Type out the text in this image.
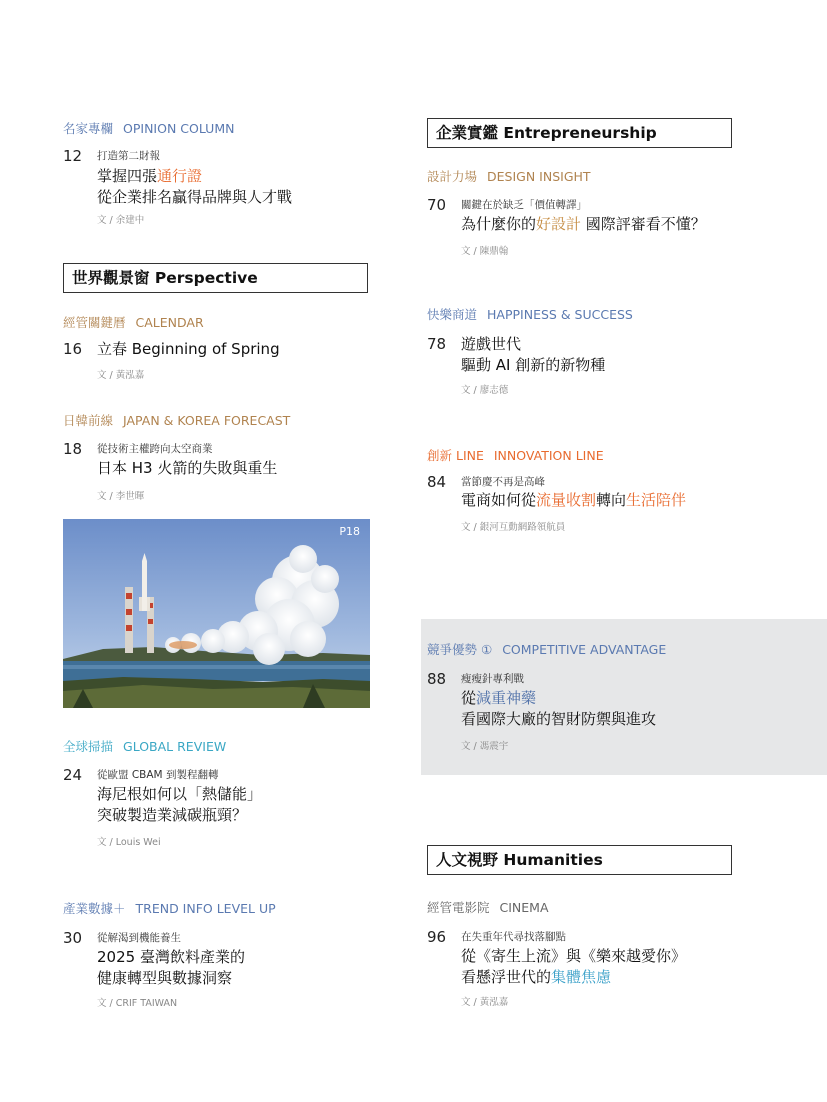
名家專欄 OPINION COLUMN
12 打造第二財報
掌握四張通行證
從企業排名贏得品牌與人才戰
文 / 余建中
世界觀景窗 Perspective
經管關鍵曆 CALENDAR
16 立春 Beginning of Spring
文 / 黃泓嘉
日韓前線 JAPAN & KOREA FORECAST
18 從技術主權跨向太空商業
日本 H3 火箭的失敗與重生
文 / 李世暉
P18
全球掃描 GLOBAL REVIEW
24 從歐盟 CBAM 到製程翻轉
海尼根如何以「熱儲能」
突破製造業減碳瓶頸？
文 / Louis Wei
產業數據＋ TREND INFO LEVEL UP
30 從解渴到機能養生
2025 臺灣飲料產業的
健康轉型與數據洞察
文 / CRIF TAIWAN
企業實鑑 Entrepreneurship
設計力場 DESIGN INSIGHT
70 關鍵在於缺乏「價值轉譯」
為什麼你的好設計 國際評審看不懂？
文 / 陳鼎翰
快樂商道 HAPPINESS & SUCCESS
78 遊戲世代
驅動 AI 創新的新物種
文 / 廖志德
創新 LINE INNOVATION LINE
84 當節慶不再是高峰
電商如何從流量收割轉向生活陪伴
文 / 銀河互動網路領航員
競爭優勢 ① COMPETITIVE ADVANTAGE
88 瘦瘦針專利戰
從減重神藥
看國際大廠的智財防禦與進攻
文 / 馮震宇
人文視野 Humanities
經管電影院 CINEMA
96 在失重年代尋找落腳點
從《寄生上流》與《樂來越愛你》
看懸浮世代的集體焦慮
文 / 黃泓嘉
